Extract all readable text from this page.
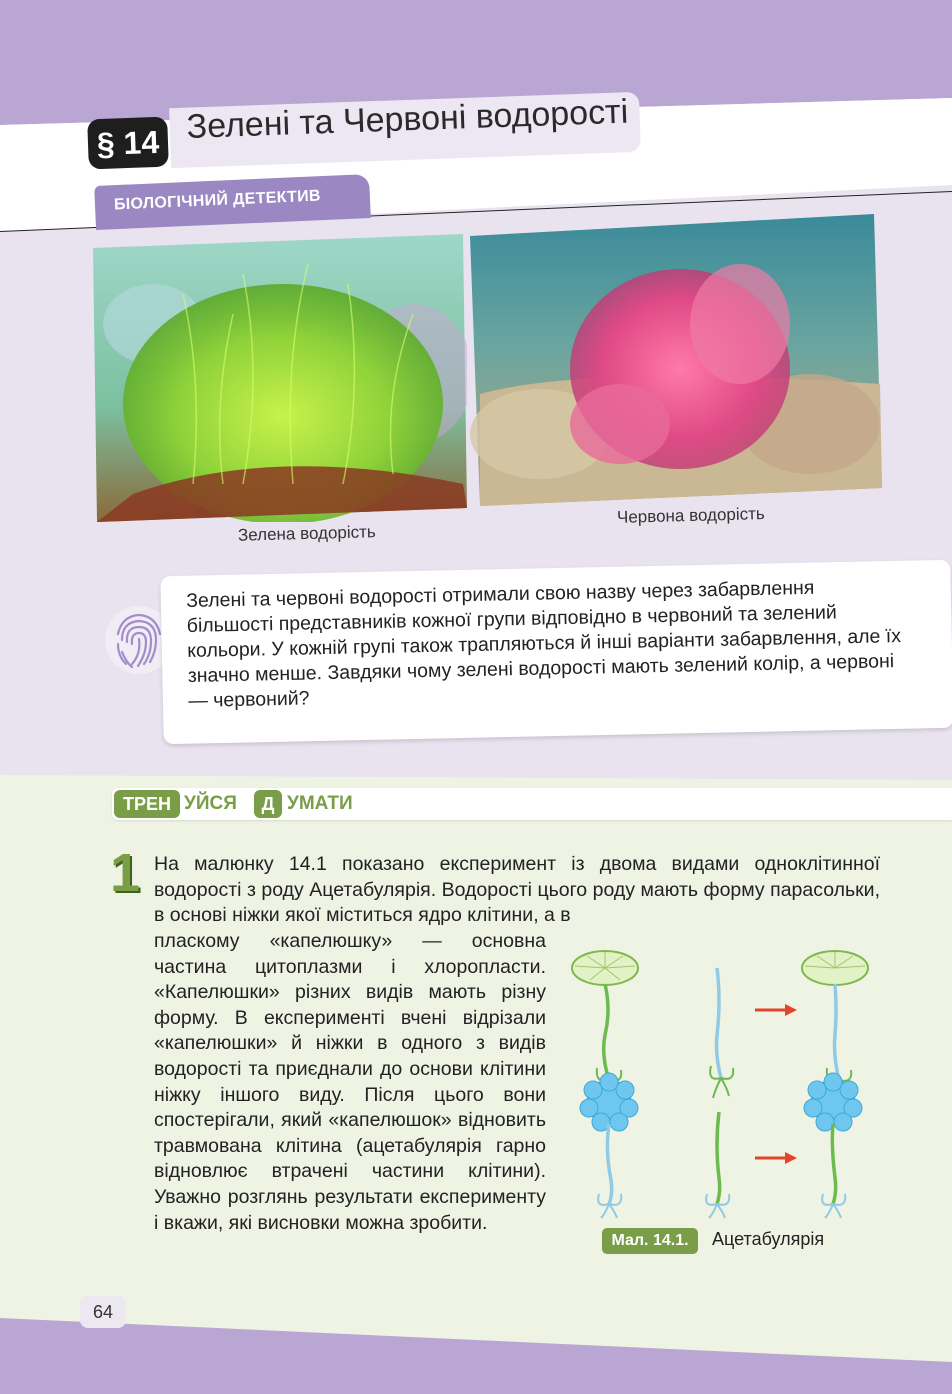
§ 14 Зелені та Червоні водорості
БІОЛОГІЧНИЙ ДЕТЕКТИВ
Зелена водорість
Червона водорість
Зелені та червоні водорості отримали свою назву через забарвлення більшості представників кожної групи відповідно в червоний та зелений кольори. У кожній групі також трапляються й інші варіанти забарвлення, але їх значно менше. Завдяки чому зелені водорості мають зелений колір, а червоні — червоний?
ТРЕН УЙСЯ	Д УМАТИ
1 На малюнку 14.1 показано експеримент із двома видами одноклітинної водорості з роду Ацетабулярія. Водорості цього роду мають форму парасольки, в основі ніжки якої міститься ядро клітини, а в
пласкому «капелюшку» — основна частина цитоплазми і хлоропласти. «Капелюшки» різних видів мають різну форму. В експерименті вчені відрізали «капелюшки» й ніжки в одного з видів водорості та приєднали до основи клітини ніжку іншого виду. Після цього вони спостерігали, який «капелюшок» відновить травмована клітина (ацетабулярія гарно відновлює втрачені частини клітини). Уважно розглянь результати експерименту і вкажи, які висновки можна зробити.
Мал. 14.1.	Ацетабулярія
64
